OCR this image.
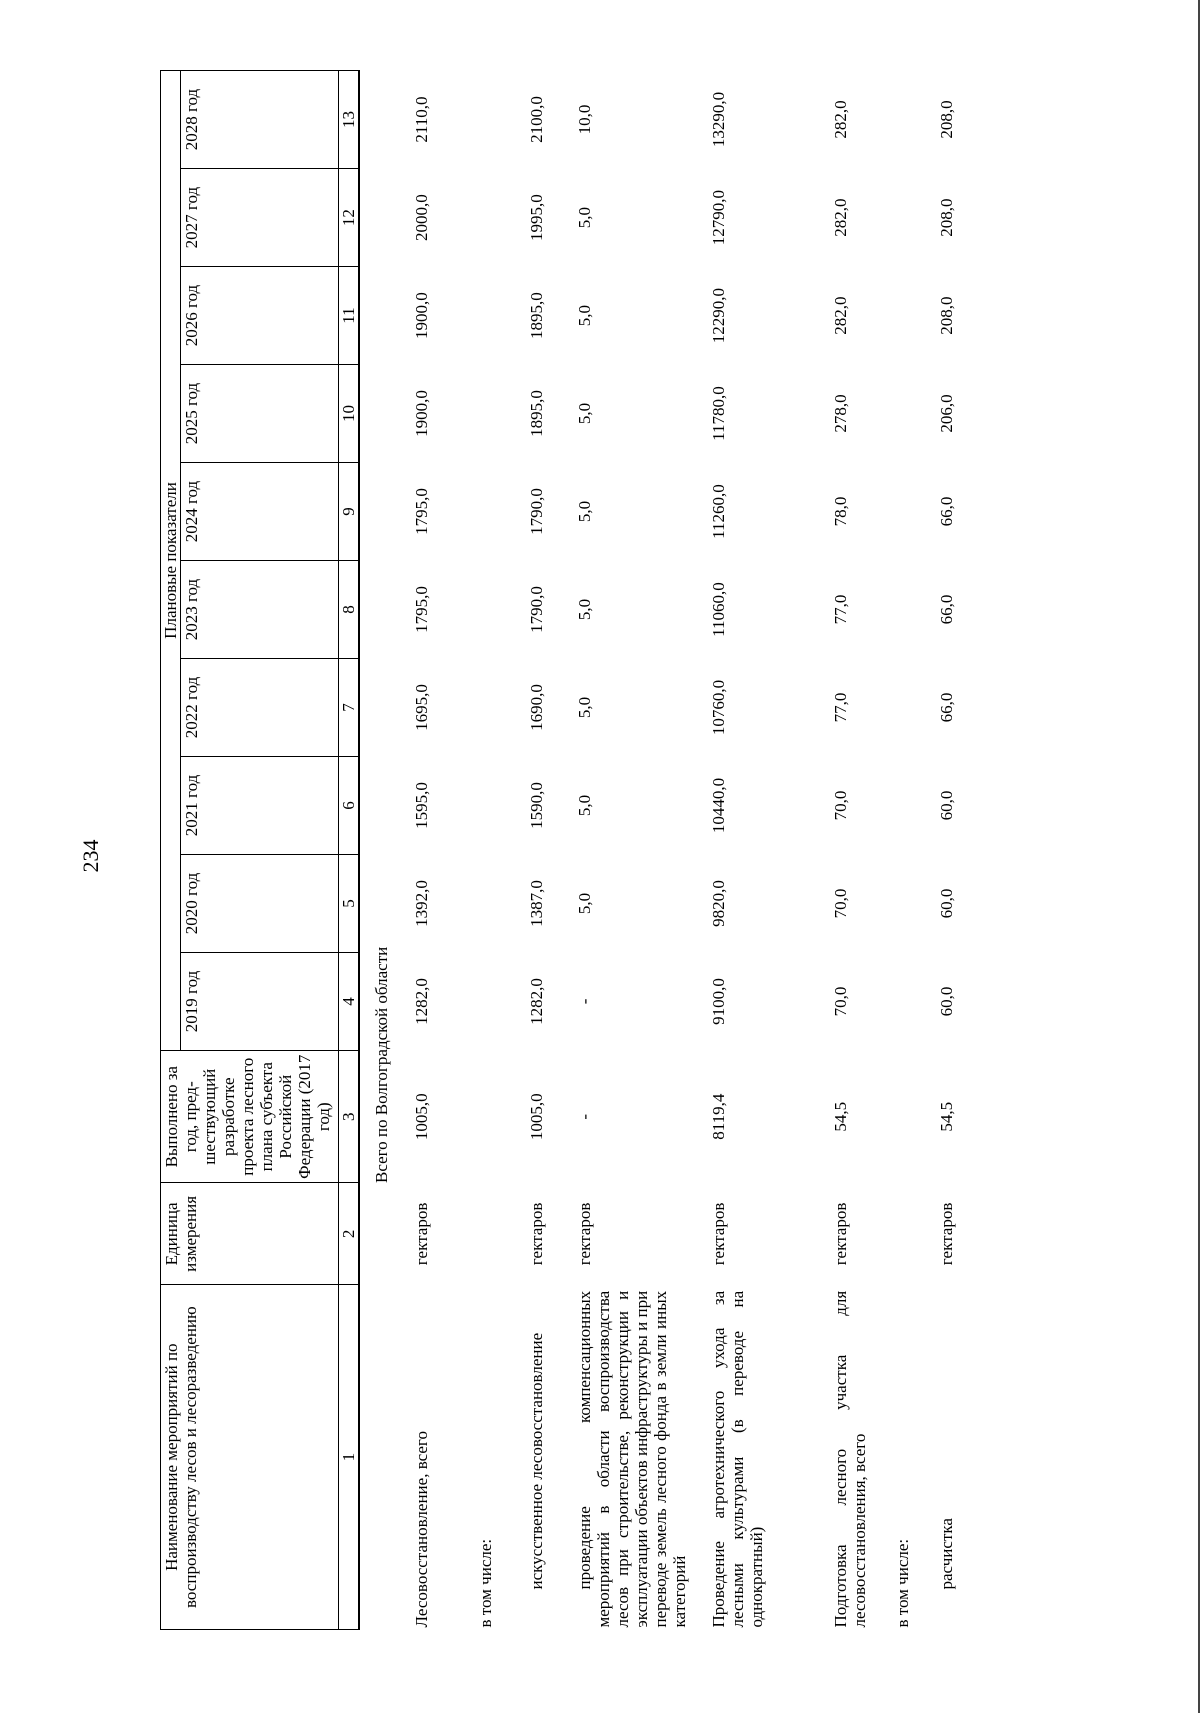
234
Наименование мероприятий по воспроизводству лесов и лесоразведению	Единица измерения	Выполнено за год, пред-шествующий разработке проекта лесного плана субъекта Российской Федерации (2017 год)	Плановые показатели									
			2019 год	2020 год	2021 год	2022 год	2023 год	2024 год	2025 год	2026 год	2027 год	2028 год
1	2	3	4	5	6	7	8	9	10	11	12	13
		Всего по Волгоградской области										
Лесовосстановление, всего	гектаров	1005,0	1282,0	1392,0	1595,0	1695,0	1795,0	1795,0	1900,0	1900,0	2000,0	2110,0
в том числе:												
искусственное лесовосстановление	гектаров	1005,0	1282,0	1387,0	1590,0	1690,0	1790,0	1790,0	1895,0	1895,0	1995,0	2100,0
проведение компенсационных мероприятий в области воспроизводства лесов при строительстве, реконструкции и эксплуатации объектов инфраструктуры и при переводе земель лесного фонда в земли иных категорий	гектаров	-	-	5,0	5,0	5,0	5,0	5,0	5,0	5,0	5,0	10,0
Проведение агротехнического ухода за лесными культурами (в переводе на однократный)	гектаров	8119,4	9100,0	9820,0	10440,0	10760,0	11060,0	11260,0	11780,0	12290,0	12790,0	13290,0
Подготовка лесного участка для лесовосстановления, всего	гектаров	54,5	70,0	70,0	70,0	77,0	77,0	78,0	278,0	282,0	282,0	282,0
в том числе:												
расчистка	гектаров	54,5	60,0	60,0	60,0	66,0	66,0	66,0	206,0	208,0	208,0	208,0
